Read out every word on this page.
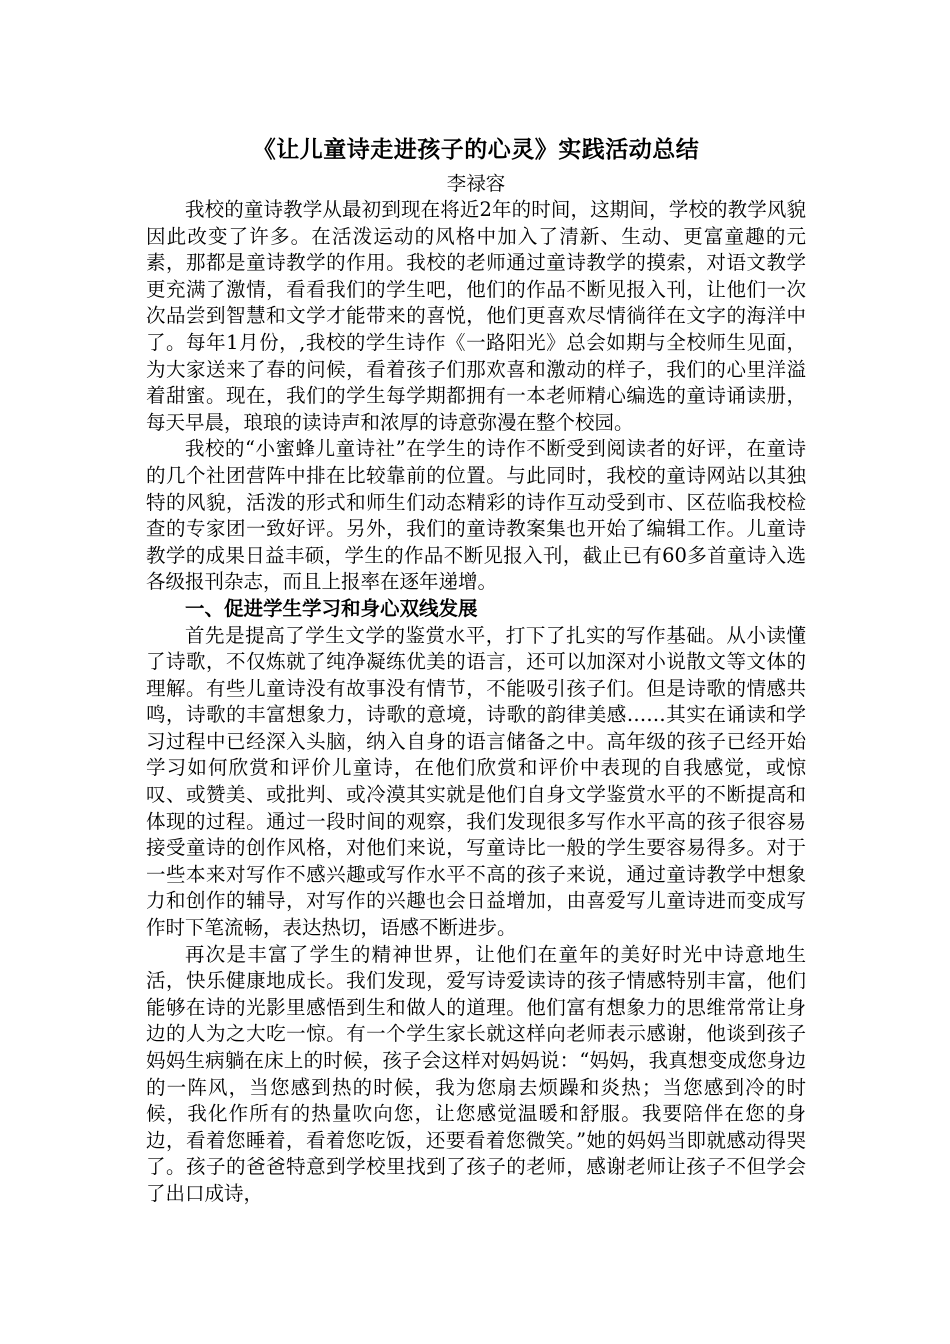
《让儿童诗走进孩子的心灵》实践活动总结

李禄容

我校的童诗教学从最初到现在将近2年的时间，这期间，学校的教学风貌因此改变了许多。在活泼运动的风格中加入了清新、生动、更富童趣的元素，那都是童诗教学的作用。我校的老师通过童诗教学的摸索，对语文教学更充满了激情，看看我们的学生吧，他们的作品不断见报入刊，让他们一次次品尝到智慧和文学才能带来的喜悦，他们更喜欢尽情徜徉在文字的海洋中了。每年1月份，,我校的学生诗作《一路阳光》总会如期与全校师生见面，为大家送来了春的问候，看着孩子们那欢喜和激动的样子，我们的心里洋溢着甜蜜。现在，我们的学生每学期都拥有一本老师精心编选的童诗诵读册，每天早晨，琅琅的读诗声和浓厚的诗意弥漫在整个校园。

我校的“小蜜蜂儿童诗社”在学生的诗作不断受到阅读者的好评，在童诗的几个社团营阵中排在比较靠前的位置。与此同时，我校的童诗网站以其独特的风貌，活泼的形式和师生们动态精彩的诗作互动受到市、区莅临我校检查的专家团一致好评。另外，我们的童诗教案集也开始了编辑工作。儿童诗教学的成果日益丰硕，学生的作品不断见报入刊，截止已有60多首童诗入选各级报刊杂志，而且上报率在逐年递增。

一、促进学生学习和身心双线发展

首先是提高了学生文学的鉴赏水平，打下了扎实的写作基础。从小读懂了诗歌，不仅炼就了纯净凝练优美的语言，还可以加深对小说散文等文体的理解。有些儿童诗没有故事没有情节，不能吸引孩子们。但是诗歌的情感共鸣，诗歌的丰富想象力，诗歌的意境，诗歌的韵律美感……其实在诵读和学习过程中已经深入头脑，纳入自身的语言储备之中。高年级的孩子已经开始学习如何欣赏和评价儿童诗，在他们欣赏和评价中表现的自我感觉，或惊叹、或赞美、或批判、或冷漠其实就是他们自身文学鉴赏水平的不断提高和体现的过程。通过一段时间的观察，我们发现很多写作水平高的孩子很容易接受童诗的创作风格，对他们来说，写童诗比一般的学生要容易得多。对于一些本来对写作不感兴趣或写作水平不高的孩子来说，通过童诗教学中想象力和创作的辅导，对写作的兴趣也会日益增加，由喜爱写儿童诗进而变成写作时下笔流畅，表达热切，语感不断进步。

再次是丰富了学生的精神世界，让他们在童年的美好时光中诗意地生活，快乐健康地成长。我们发现，爱写诗爱读诗的孩子情感特别丰富，他们能够在诗的光影里感悟到生和做人的道理。他们富有想象力的思维常常让身边的人为之大吃一惊。有一个学生家长就这样向老师表示感谢，他谈到孩子妈妈生病躺在床上的时候，孩子会这样对妈妈说：“妈妈，我真想变成您身边的一阵风，当您感到热的时候，我为您扇去烦躁和炎热；当您感到冷的时候，我化作所有的热量吹向您，让您感觉温暖和舒服。我要陪伴在您的身边，看着您睡着，看着您吃饭，还要看着您微笑。”她的妈妈当即就感动得哭了。孩子的爸爸特意到学校里找到了孩子的老师，感谢老师让孩子不但学会了出口成诗，
